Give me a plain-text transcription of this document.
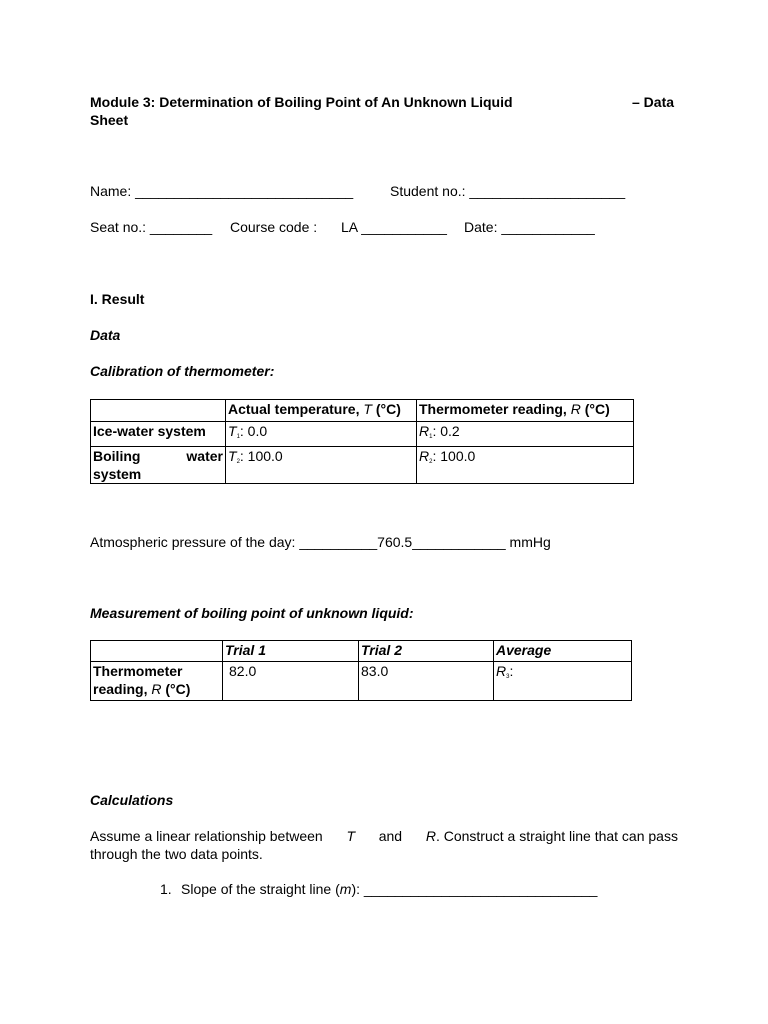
Module 3: Determination of Boiling Point of An Unknown Liquid	– Data
Sheet
Name: ____________________________	Student no.: ____________________
Seat no.: ________ Course code : LA ___________ Date: ____________
I. Result
Data
Calibration of thermometer:
	Actual temperature, T (°C)	Thermometer reading, R (°C)
Ice-water system	$T_1$: 0.0	$R_1$: 0.2

Boiling water
system	$T_2$: 100.0	$R_2$: 100.0
Atmospheric pressure of the day: __________760.5____________ mmHg
Measurement of boiling point of unknown liquid:
	Trial 1	Trial 2	Average

Thermometer
reading, R (°C)	82.0	83.0	$R_3$:
Calculations
Assume a linear relationship between T and R. Construct a straight line that can pass
through the two data points.
1. Slope of the straight line (m): ______________________________
